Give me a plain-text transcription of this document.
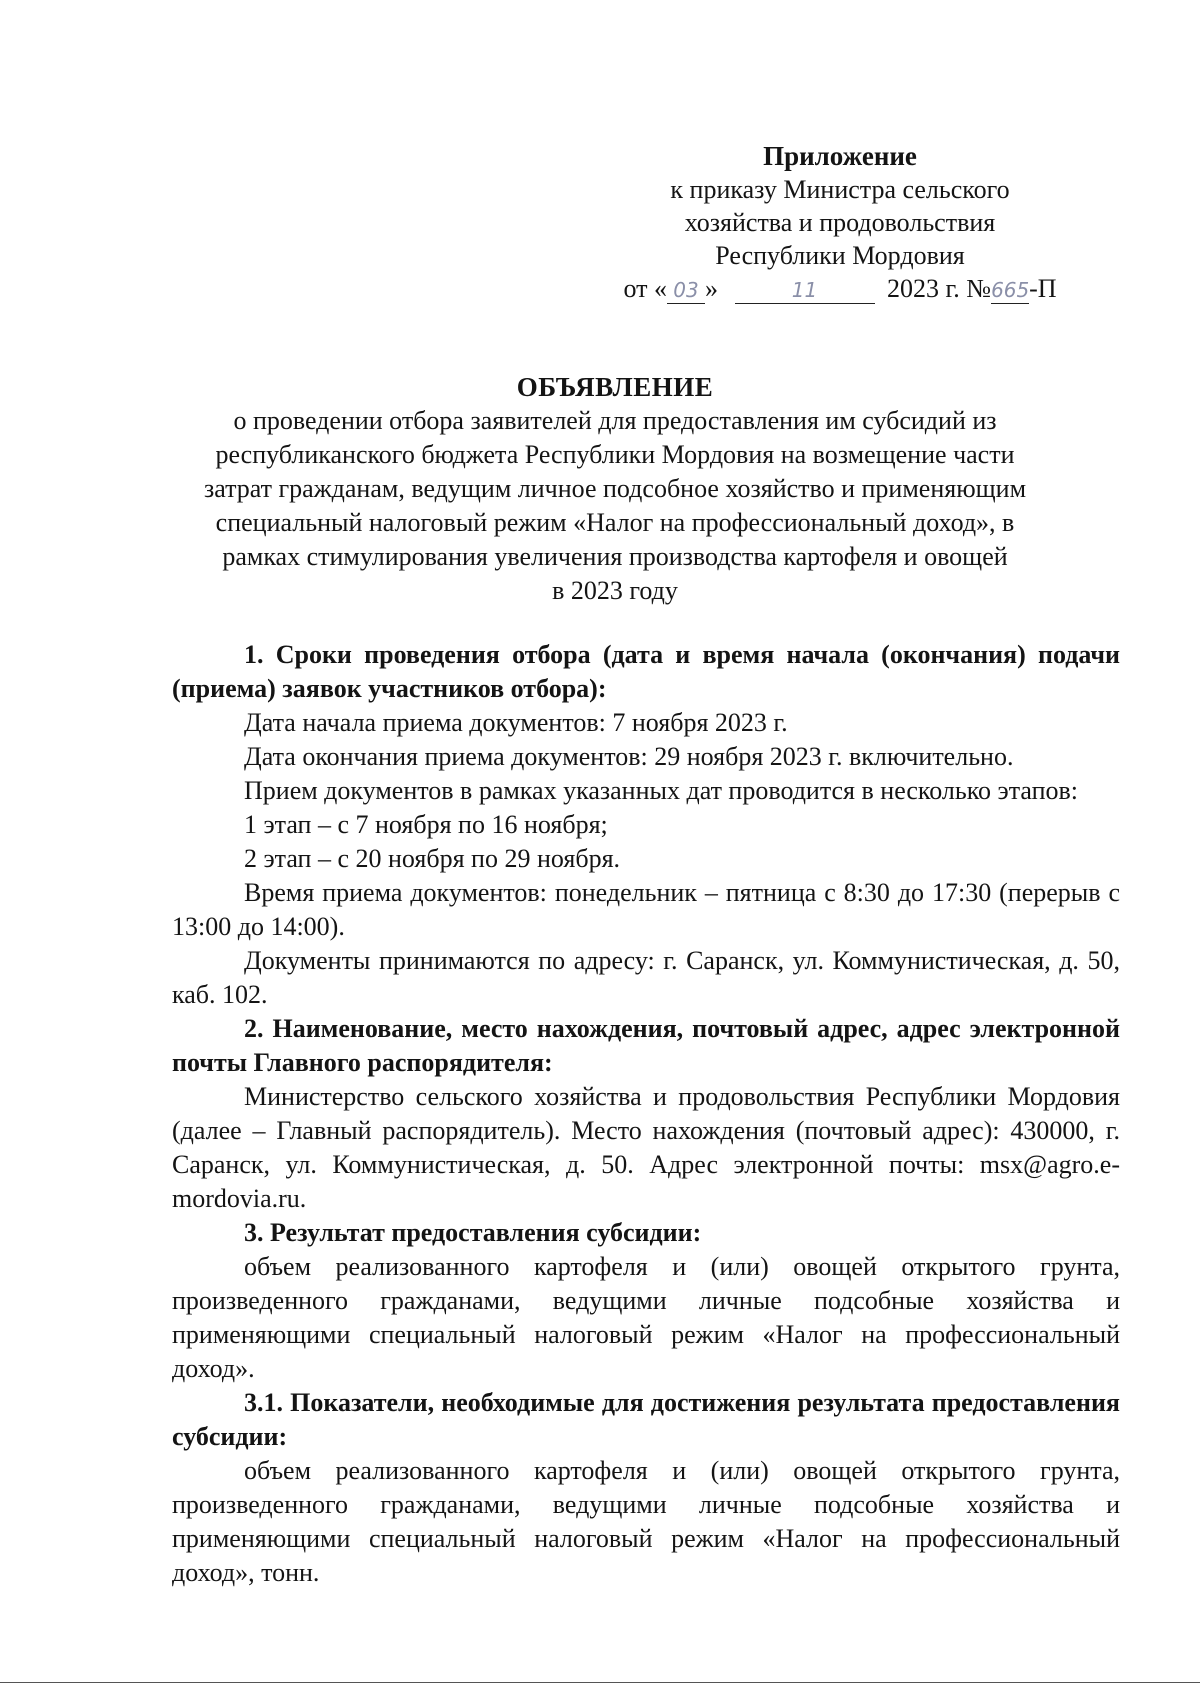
Приложение
к приказу Министра сельского
хозяйства и продовольствия
Республики Мордовия
от « 03 »	11	2023 г. №665-П
ОБЪЯВЛЕНИЕ
о проведении отбора заявителей для предоставления им субсидий из
республиканского бюджета Республики Мордовия на возмещение части
затрат гражданам, ведущим личное подсобное хозяйство и применяющим
специальный налоговый режим «Налог на профессиональный доход», в
рамках стимулирования увеличения производства картофеля и овощей
в 2023 году

1. Сроки проведения отбора (дата и время начала (окончания) подачи (приема) заявок участников отбора):

Дата начала приема документов: 7 ноября 2023 г.

Дата окончания приема документов: 29 ноября 2023 г. включительно.

Прием документов в рамках указанных дат проводится в несколько этапов:

1 этап – с 7 ноября по 16 ноября;

2 этап – с 20 ноября по 29 ноября.

Время приема документов: понедельник – пятница с 8:30 до 17:30 (перерыв с 13:00 до 14:00).

Документы принимаются по адресу: г. Саранск, ул. Коммунистическая, д. 50, каб. 102.

2. Наименование, место нахождения, почтовый адрес, адрес электронной почты Главного распорядителя:

Министерство сельского хозяйства и продовольствия Республики Мордовия (далее – Главный распорядитель). Место нахождения (почтовый адрес): 430000, г. Саранск, ул. Коммунистическая, д. 50. Адрес электронной почты: msx@agro.e-mordovia.ru.

3. Результат предоставления субсидии:

объем реализованного картофеля и (или) овощей открытого грунта, произведенного гражданами, ведущими личные подсобные хозяйства и применяющими специальный налоговый режим «Налог на профессиональный доход».

3.1. Показатели, необходимые для достижения результата предоставления субсидии:

объем реализованного картофеля и (или) овощей открытого грунта, произведенного гражданами, ведущими личные подсобные хозяйства и применяющими специальный налоговый режим «Налог на профессиональный доход», тонн.
